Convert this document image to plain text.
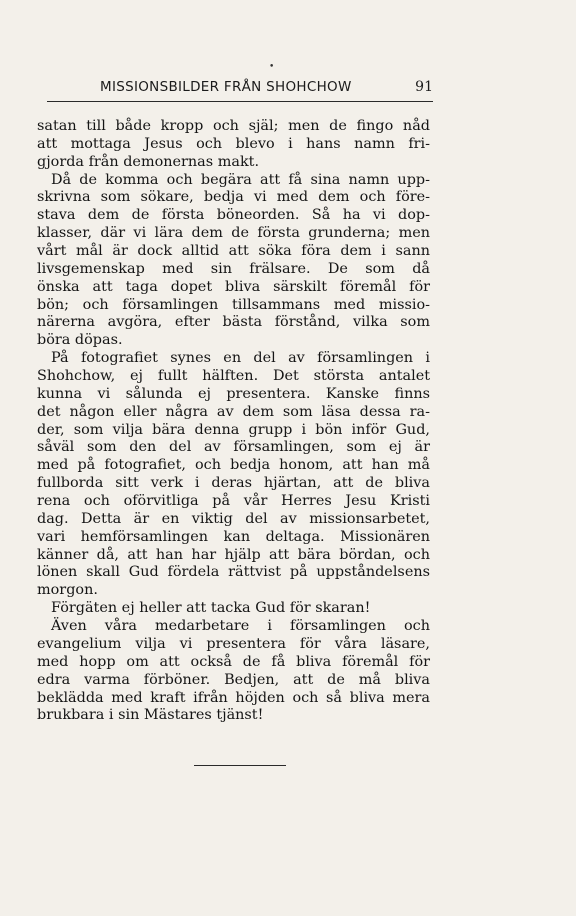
•
MISSIONSBILDER FRÅN SHOHCHOW	91
satan till både kropp och själ; men de fingo nåd
att mottaga Jesus och blevo i hans namn fri-
gjorda från demonernas makt.
Då de komma och begära att få sina namn upp-
skrivna som sökare, bedja vi med dem och före-
stava dem de första böneorden. Så ha vi dop-
klasser, där vi lära dem de första grunderna; men
vårt mål är dock alltid att söka föra dem i sann
livsgemenskap med sin frälsare. De som då
önska att taga dopet bliva särskilt föremål för
bön; och församlingen tillsammans med missio-
närerna avgöra, efter bästa förstånd, vilka som
böra döpas.
På fotografiet synes en del av församlingen i
Shohchow, ej fullt hälften. Det största antalet
kunna vi sålunda ej presentera. Kanske finns
det någon eller några av dem som läsa dessa ra-
der, som vilja bära denna grupp i bön inför Gud,
såväl som den del av församlingen, som ej är
med på fotografiet, och bedja honom, att han må
fullborda sitt verk i deras hjärtan, att de bliva
rena och oförvitliga på vår Herres Jesu Kristi
dag. Detta är en viktig del av missionsarbetet,
vari hemförsamlingen kan deltaga. Missionären
känner då, att han har hjälp att bära bördan, och
lönen skall Gud fördela rättvist på uppståndelsens
morgon.
Förgäten ej heller att tacka Gud för skaran!
Även våra medarbetare i församlingen och
evangelium vilja vi presentera för våra läsare,
med hopp om att också de få bliva föremål för
edra varma förböner. Bedjen, att de må bliva
beklädda med kraft ifrån höjden och så bliva mera
brukbara i sin Mästares tjänst!
